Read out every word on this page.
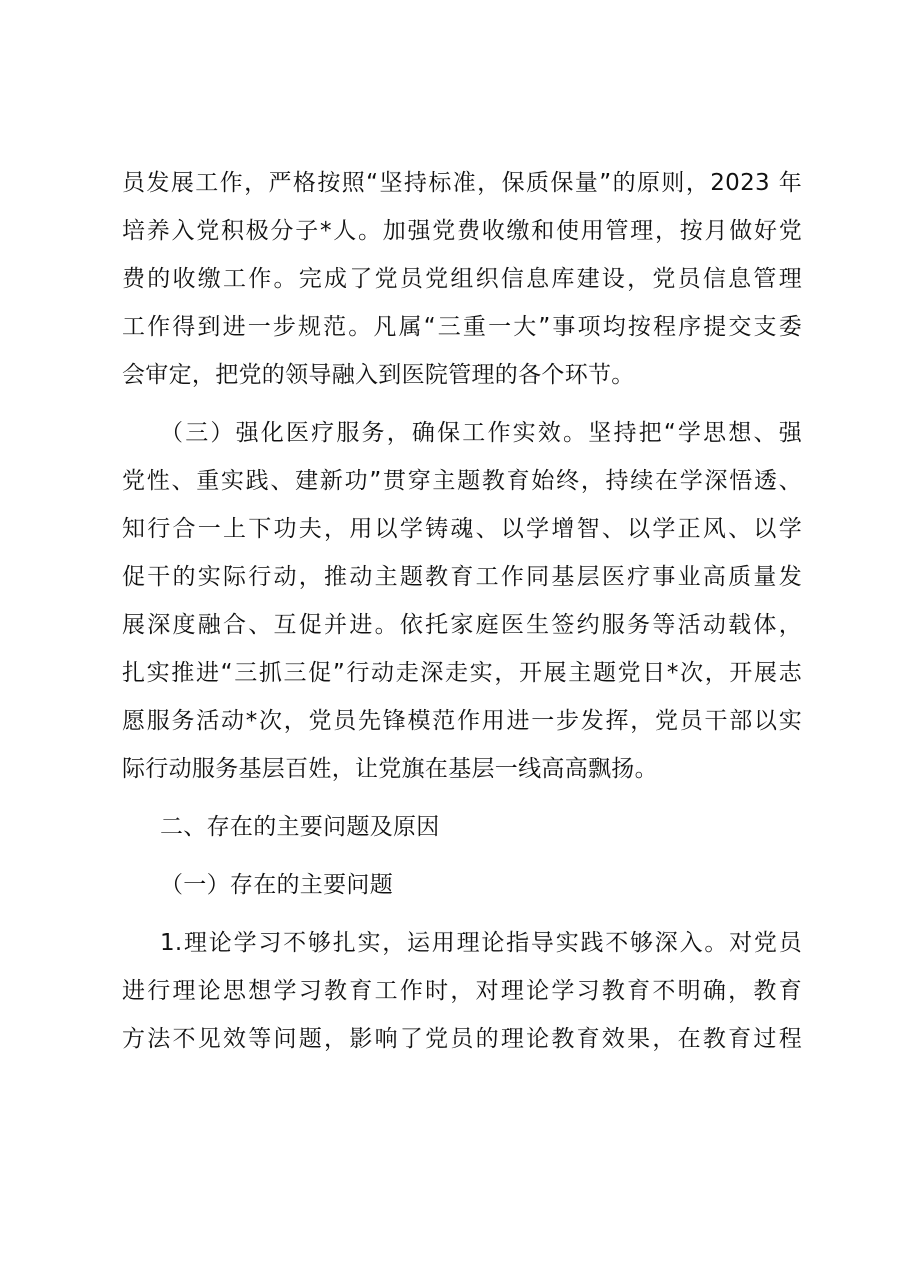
员发展工作，严格按照“坚持标准，保质保量”的原则，2023 年
培养入党积极分子*人。加强党费收缴和使用管理，按月做好党
费的收缴工作。完成了党员党组织信息库建设，党员信息管理
工作得到进一步规范。凡属“三重一大”事项均按程序提交支委
会审定，把党的领导融入到医院管理的各个环节。
（三）强化医疗服务，确保工作实效。坚持把“学思想、强
党性、重实践、建新功”贯穿主题教育始终，持续在学深悟透、
知行合一上下功夫，用以学铸魂、以学增智、以学正风、以学
促干的实际行动，推动主题教育工作同基层医疗事业高质量发
展深度融合、互促并进。依托家庭医生签约服务等活动载体，
扎实推进“三抓三促”行动走深走实，开展主题党日*次，开展志
愿服务活动*次，党员先锋模范作用进一步发挥，党员干部以实
际行动服务基层百姓，让党旗在基层一线高高飘扬。
二、存在的主要问题及原因
（一）存在的主要问题
1.理论学习不够扎实，运用理论指导实践不够深入。对党员
进行理论思想学习教育工作时，对理论学习教育不明确，教育
方法不见效等问题，影响了党员的理论教育效果，在教育过程
